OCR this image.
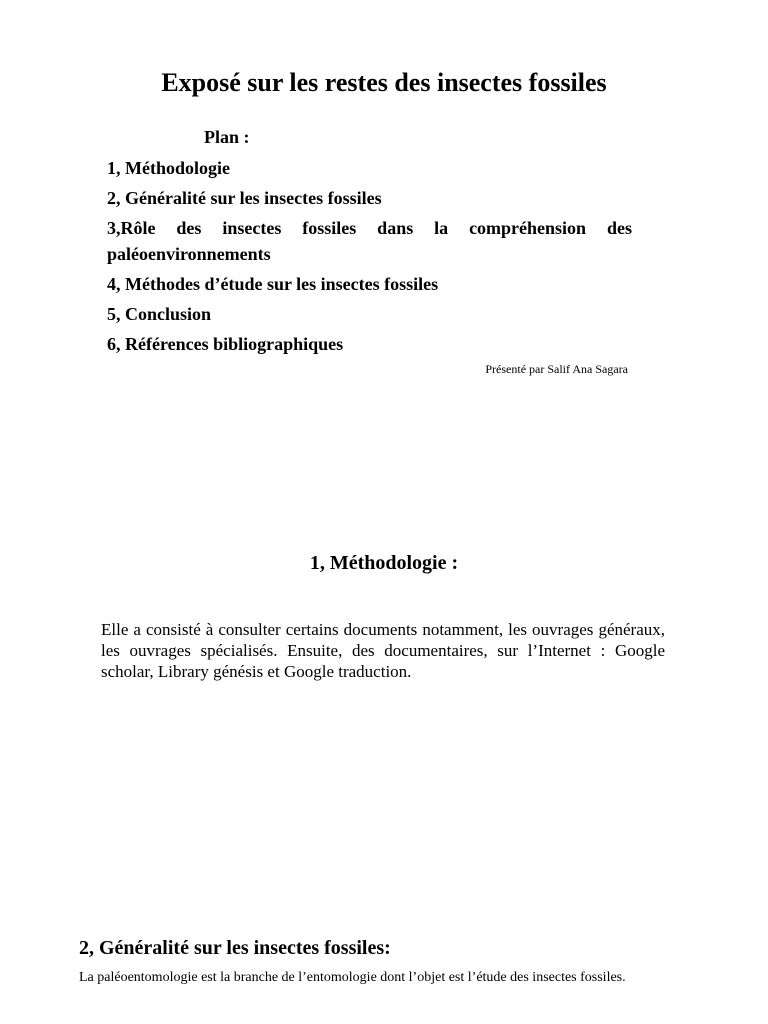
Exposé sur les restes des insectes fossiles
Plan :
1, Méthodologie
2, Généralité sur les insectes fossiles
3,Rôle des insectes fossiles dans la compréhension des paléoenvironnements
4, Méthodes d’étude sur les insectes fossiles
5, Conclusion
6, Références bibliographiques
Présenté par Salif Ana Sagara
1, Méthodologie :

Elle a consisté à consulter certains documents notamment, les ouvrages généraux, les ouvrages spécialisés. Ensuite, des documentaires, sur l’Internet : Google scholar, Library génésis et Google traduction.

2, Généralité sur les insectes fossiles:

La paléoentomologie est la branche de l’entomologie dont l’objet est l’étude des insectes fossiles.
